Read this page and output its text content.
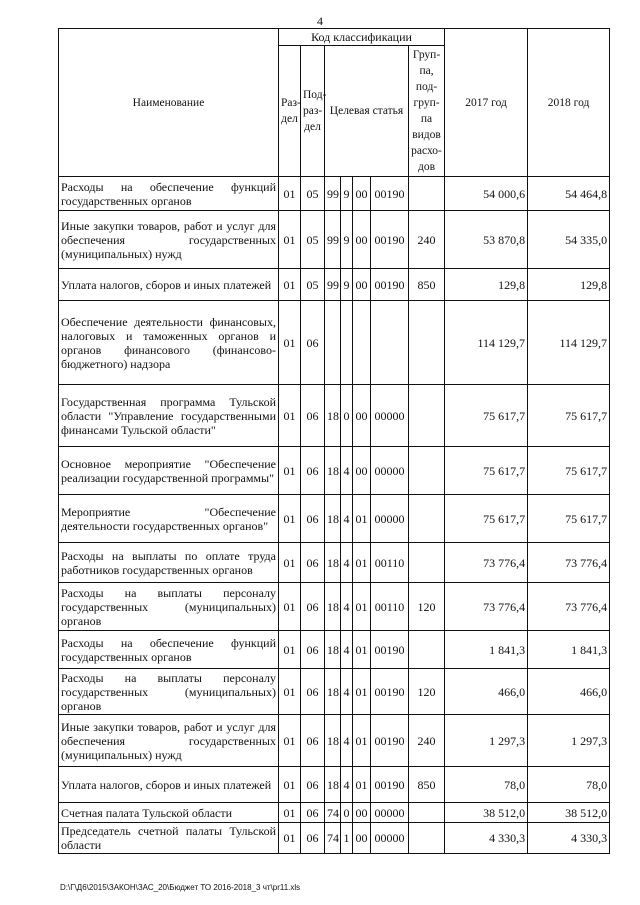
4
Наименование	Код классификации							2017 год	2018 год
	Раз-дел	Под-раз-дел	Целевая статья				Груп-па, под-груп-па видов расхо-дов		
Расходы на обеспечение функций государственных органов	01	05	99	9	00	00190		54 000,6	54 464,8
Иные закупки товаров, работ и услуг для обеспечения государственных (муниципальных) нужд	01	05	99	9	00	00190	240	53 870,8	54 335,0
Уплата налогов, сборов и иных платежей	01	05	99	9	00	00190	850	129,8	129,8
Обеспечение деятельности финансовых, налоговых и таможенных органов и органов финансового (финансово-бюджетного) надзора	01	06						114 129,7	114 129,7
Государственная программа Тульской области "Управление государственными финансами Тульской области"	01	06	18	0	00	00000		75 617,7	75 617,7
Основное мероприятие "Обеспечение реализации государственной программы"	01	06	18	4	00	00000		75 617,7	75 617,7
Мероприятие "Обеспечение деятельности государственных органов"	01	06	18	4	01	00000		75 617,7	75 617,7
Расходы на выплаты по оплате труда работников государственных органов	01	06	18	4	01	00110		73 776,4	73 776,4
Расходы на выплаты персоналу государственных (муниципальных) органов	01	06	18	4	01	00110	120	73 776,4	73 776,4
Расходы на обеспечение функций государственных органов	01	06	18	4	01	00190		1 841,3	1 841,3
Расходы на выплаты персоналу государственных (муниципальных) органов	01	06	18	4	01	00190	120	466,0	466,0
Иные закупки товаров, работ и услуг для обеспечения государственных (муниципальных) нужд	01	06	18	4	01	00190	240	1 297,3	1 297,3
Уплата налогов, сборов и иных платежей	01	06	18	4	01	00190	850	78,0	78,0
Счетная палата Тульской области	01	06	74	0	00	00000		38 512,0	38 512,0
Председатель счетной палаты Тульской области	01	06	74	1	00	00000		4 330,3	4 330,3
D:\Г\Д6\2015\ЗАКОН\ЗАС_20\Бюджет ТО 2016-2018_3 чт\pr11.xls
